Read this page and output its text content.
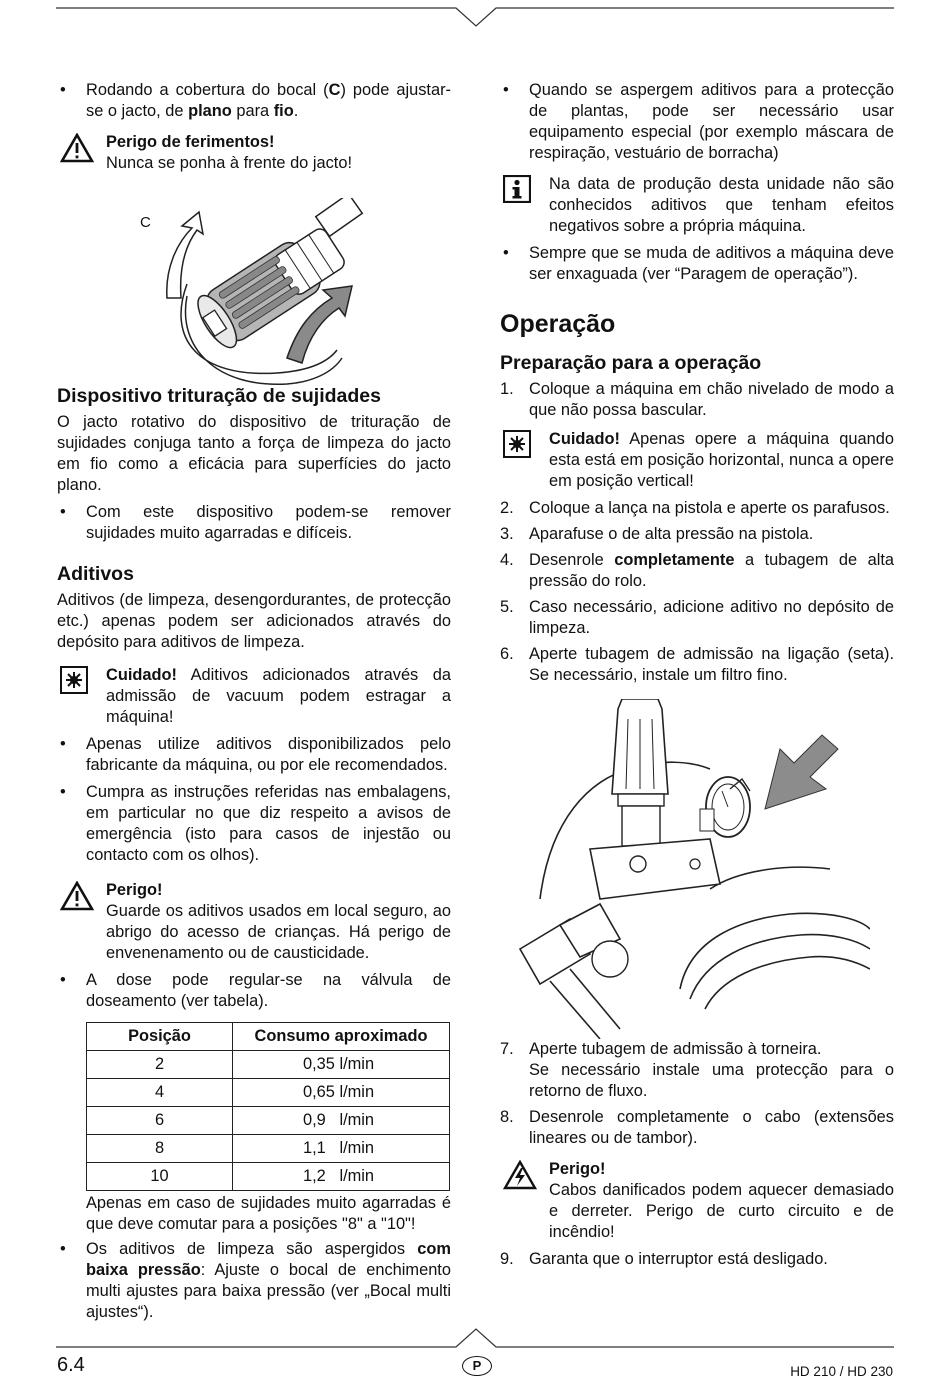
• Rodando a cobertura do bocal (C) pode ajustar-se o jacto, de plano para fio.
Perigo de ferimentos!
Nunca se ponha à frente do jacto!
C
Dispositivo trituração de sujidades

O jacto rotativo do dispositivo de trituração de sujidades conjuga tanto a força de limpeza do jacto em fio como a eficácia para superfícies do jacto plano.

• Com este dispositivo podem-se remover sujidades muito agarradas e difíceis.
Aditivos

Aditivos (de limpeza, desengordurantes, de protecção etc.) apenas podem ser adicionados através do depósito para aditivos de limpeza.

Cuidado! Aditivos adicionados através da admissão de vacuum podem estragar a máquina!
• Apenas utilize aditivos disponibilizados pelo fabricante da máquina, ou por ele recomendados.
• Cumpra as instruções referidas nas embalagens, em particular no que diz respeito a avisos de emergência (isto para casos de injestão ou contacto com os olhos).
Perigo!
Guarde os aditivos usados em local seguro, ao abrigo do acesso de crianças. Há perigo de envenenamento ou de causticidade.
• A dose pode regular-se na válvula de doseamento (ver tabela).
Posição	Consumo aproximado
2	0,35 l/min
4	0,65 l/min
6	0,9   l/min
8	1,1   l/min
10	1,2   l/min

Apenas em caso de sujidades muito agarradas é que deve comutar para a posições "8" a "10"!

• Os aditivos de limpeza são aspergidos com baixa pressão: Ajuste o bocal de enchimento multi ajustes para baixa pressão (ver „Bocal multi ajustes“).
• Quando se aspergem aditivos para a protecção de plantas, pode ser necessário usar equipamento especial (por exemplo máscara de respiração, vestuário de borracha)
Na data de produção desta unidade não são conhecidos aditivos que tenham efeitos negativos sobre a própria máquina.
• Sempre que se muda de aditivos a máquina deve ser enxaguada (ver “Paragem de operação”).
Operação
Preparação para a operação
1. Coloque a máquina em chão nivelado de modo a que não possa bascular.
Cuidado! Apenas opere a máquina quando esta está em posição horizontal, nunca a opere em posição vertical!
2. Coloque a lança na pistola e aperte os parafusos.
3. Aparafuse o de alta pressão na pistola.
4. Desenrole completamente a tubagem de alta pressão do rolo.
5. Caso necessário, adicione aditivo no depósito de limpeza.
6. Aperte tubagem de admissão na ligação (seta). Se necessário, instale um filtro fino.
7. Aperte tubagem de admissão à torneira.
Se necessário instale uma protecção para o retorno de fluxo.
8. Desenrole completamente o cabo (extensões lineares ou de tambor).
Perigo!
Cabos danificados podem aquecer demasiado e derreter. Perigo de curto circuito e de incêndio!
9. Garanta que o interruptor está desligado.
6.4	P	HD 210 / HD 230
